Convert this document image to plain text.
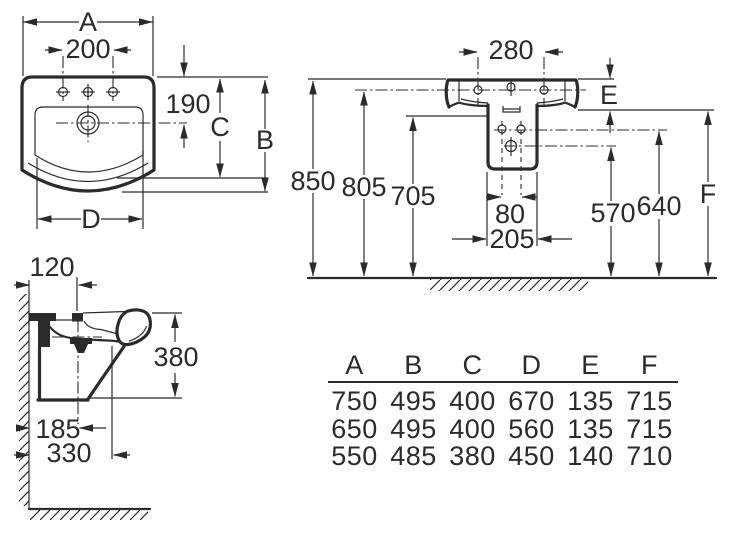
A
200
190
C B
D
280
850 805 705
E
570 640 F
80
205
120
380
185
330
A	B	C	D	E	F
750 495 400 670 135 715
650 495 400 560 135 715
550 485 380 450 140 710
